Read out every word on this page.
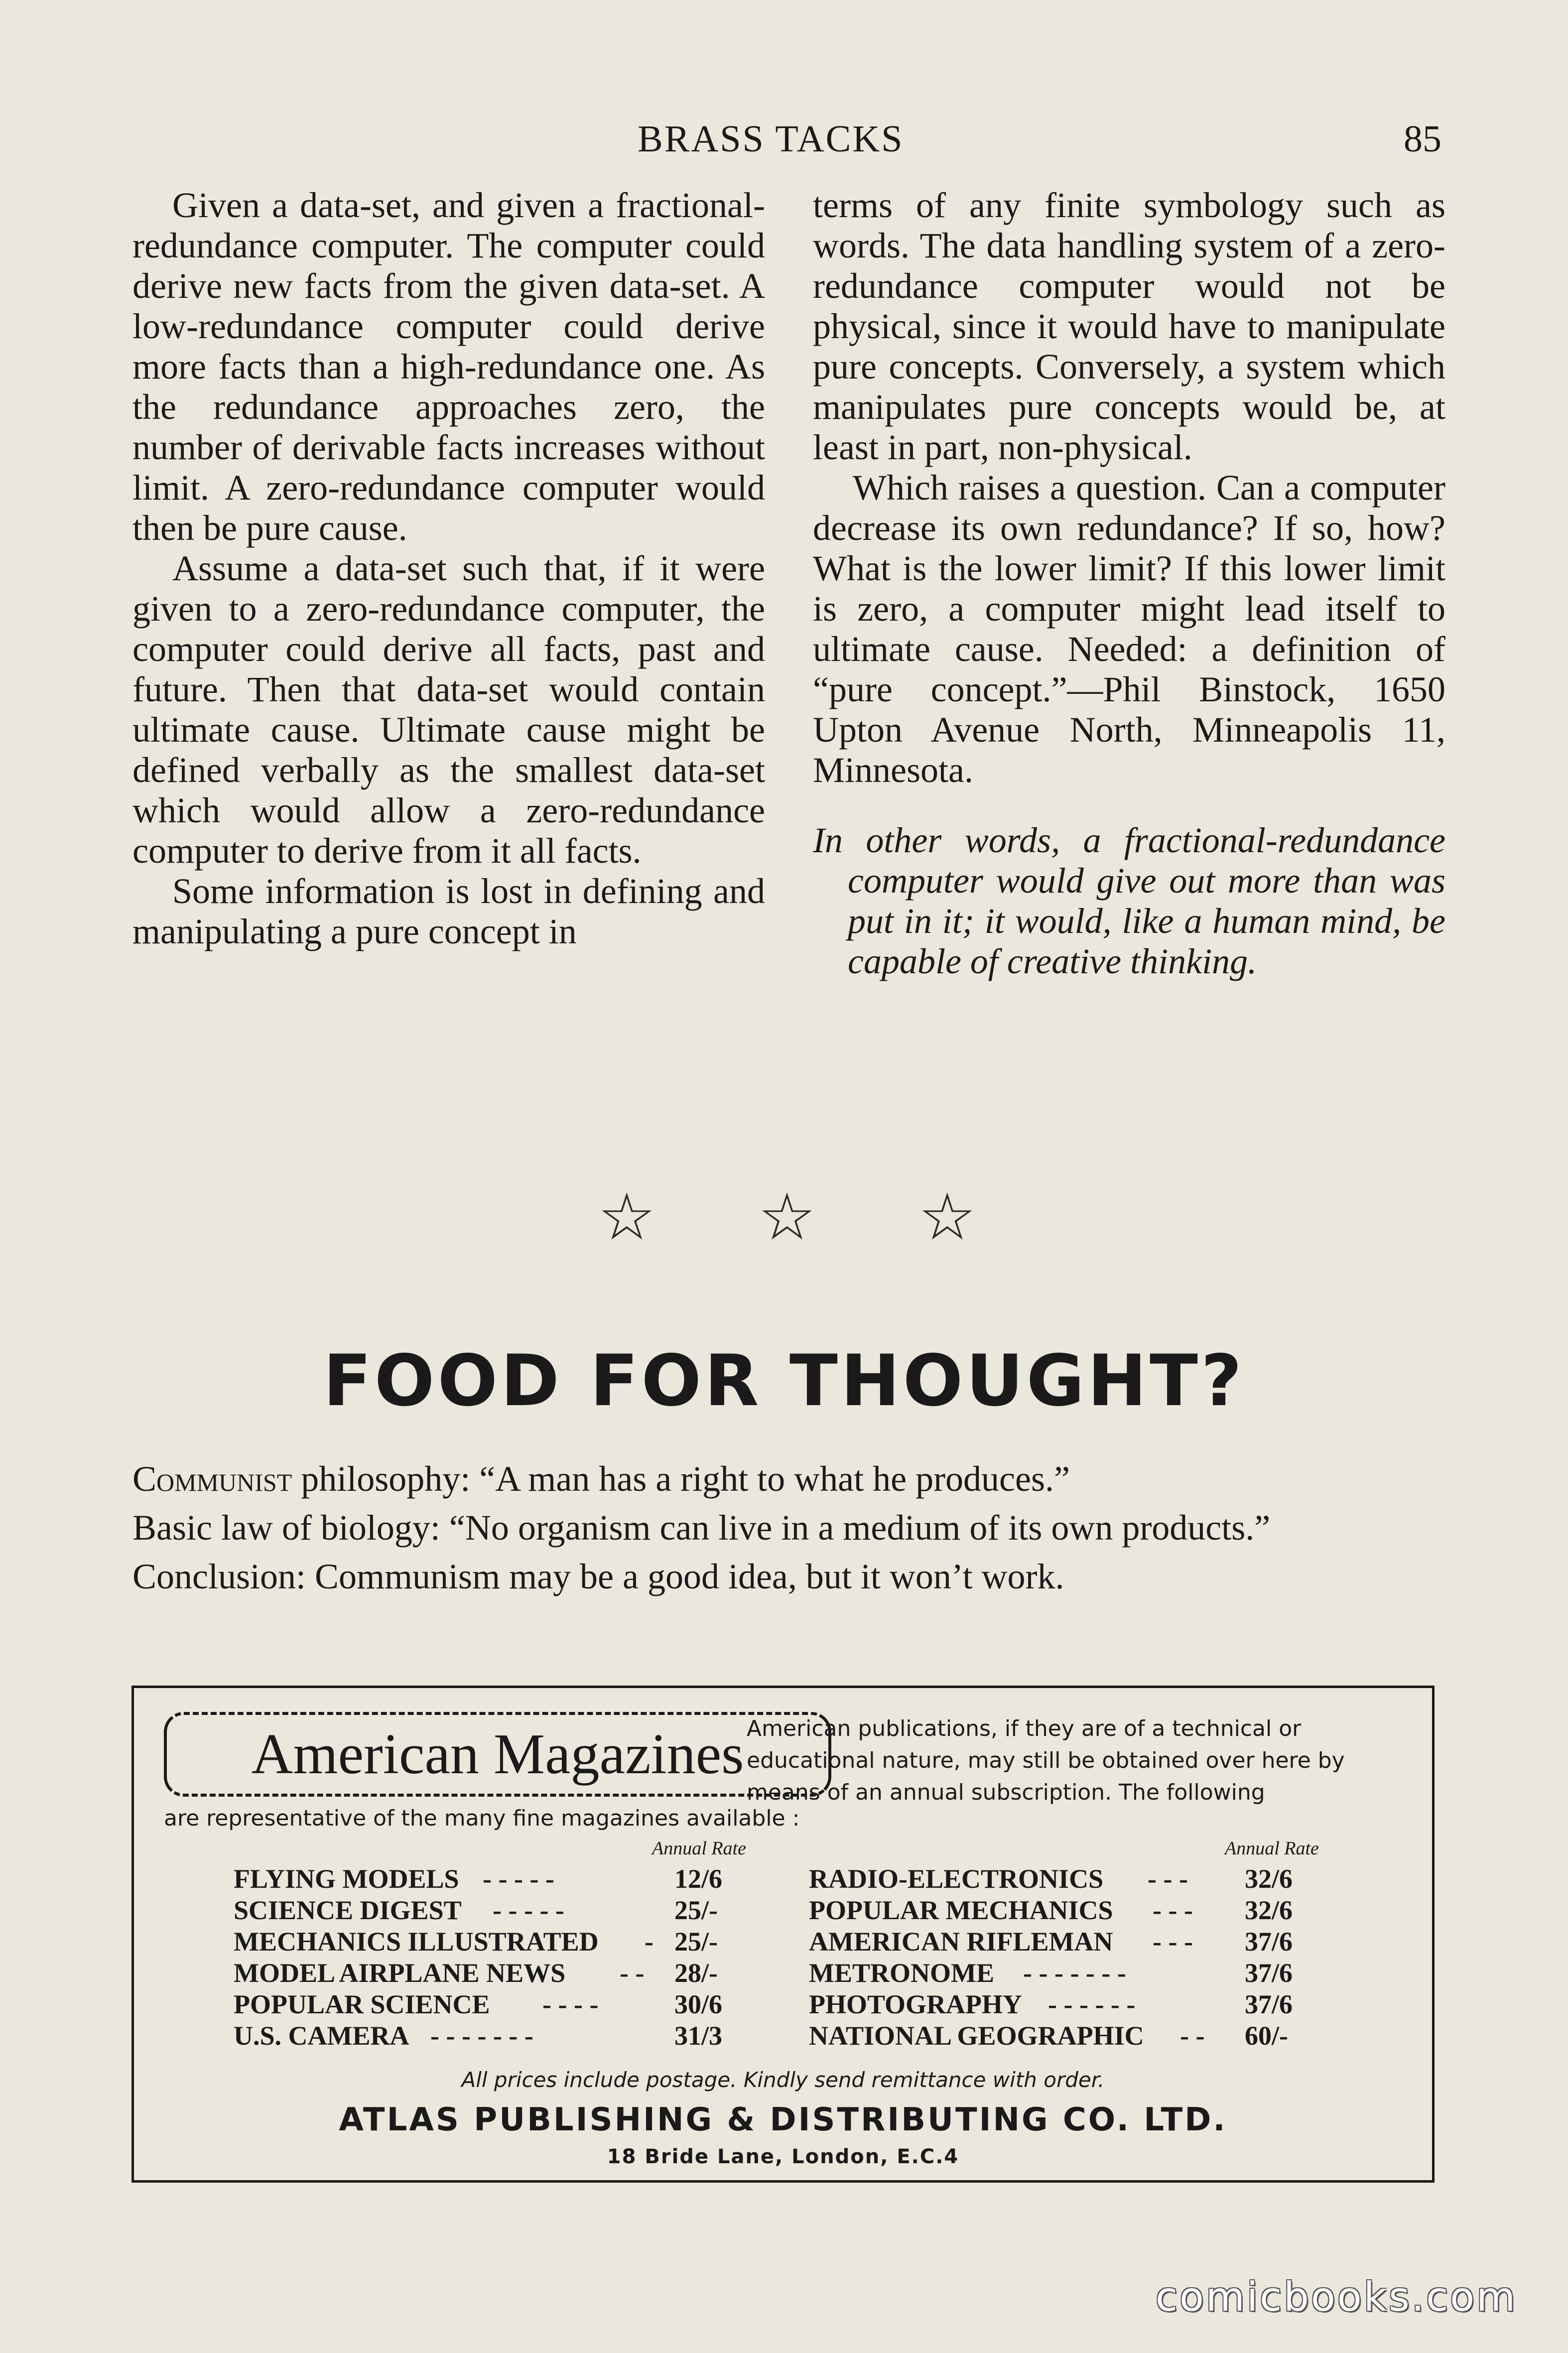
BRASS TACKS	85

Given a data-set, and given a fractional-redundance computer. The computer could derive new facts from the given data-set. A low-redundance computer could derive more facts than a high-redundance one. As the redundance approaches zero, the number of derivable facts increases without limit. A zero-redundance computer would then be pure cause.

Assume a data-set such that, if it were given to a zero-redundance computer, the computer could derive all facts, past and future. Then that data-set would contain ultimate cause. Ultimate cause might be defined verbally as the smallest data-set which would allow a zero-redundance computer to derive from it all facts.

Some information is lost in defining and manipulating a pure concept in

terms of any finite symbology such as words. The data handling system of a zero-redundance computer would not be physical, since it would have to manipulate pure concepts. Conversely, a system which manipulates pure concepts would be, at least in part, non-physical.

Which raises a question. Can a computer decrease its own redundance? If so, how? What is the lower limit? If this lower limit is zero, a computer might lead itself to ultimate cause. Needed: a definition of “pure concept.”—Phil Binstock, 1650 Upton Avenue North, Minneapolis 11, Minnesota.

In other words, a fractional-redundance computer would give out more than was put in it; it would, like a human mind, be capable of creative thinking.

☆ ☆ ☆
FOOD FOR THOUGHT?
Communist philosophy: “A man has a right to what he produces.”
Basic law of biology: “No organism can live in a medium of its own products.”
Conclusion: Communism may be a good idea, but it won’t work.
American Magazines American publications, if they are of a technical or educational nature, may still be obtained over here by means of an annual subscription. The following
are representative of the many fine magazines available :
Annual Rate	Annual Rate
FLYING MODELS - - - - -	12/6
SCIENCE DIGEST - - - - -	25/-
MECHANICS ILLUSTRATED - 25/-
MODEL AIRPLANE NEWS - - 28/-
POPULAR SCIENCE - - - -	30/6
U.S. CAMERA - - - - - - -	31/3
RADIO-ELECTRONICS - - - 32/6
POPULAR MECHANICS - - - 32/6
AMERICAN RIFLEMAN - - - 37/6
METRONOME - - - - - - -	37/6
PHOTOGRAPHY - - - - - -	37/6
NATIONAL GEOGRAPHIC - - 60/-
All prices include postage. Kindly send remittance with order.
ATLAS PUBLISHING & DISTRIBUTING CO. LTD.
18 Bride Lane, London, E.C.4
comicbooks.com
